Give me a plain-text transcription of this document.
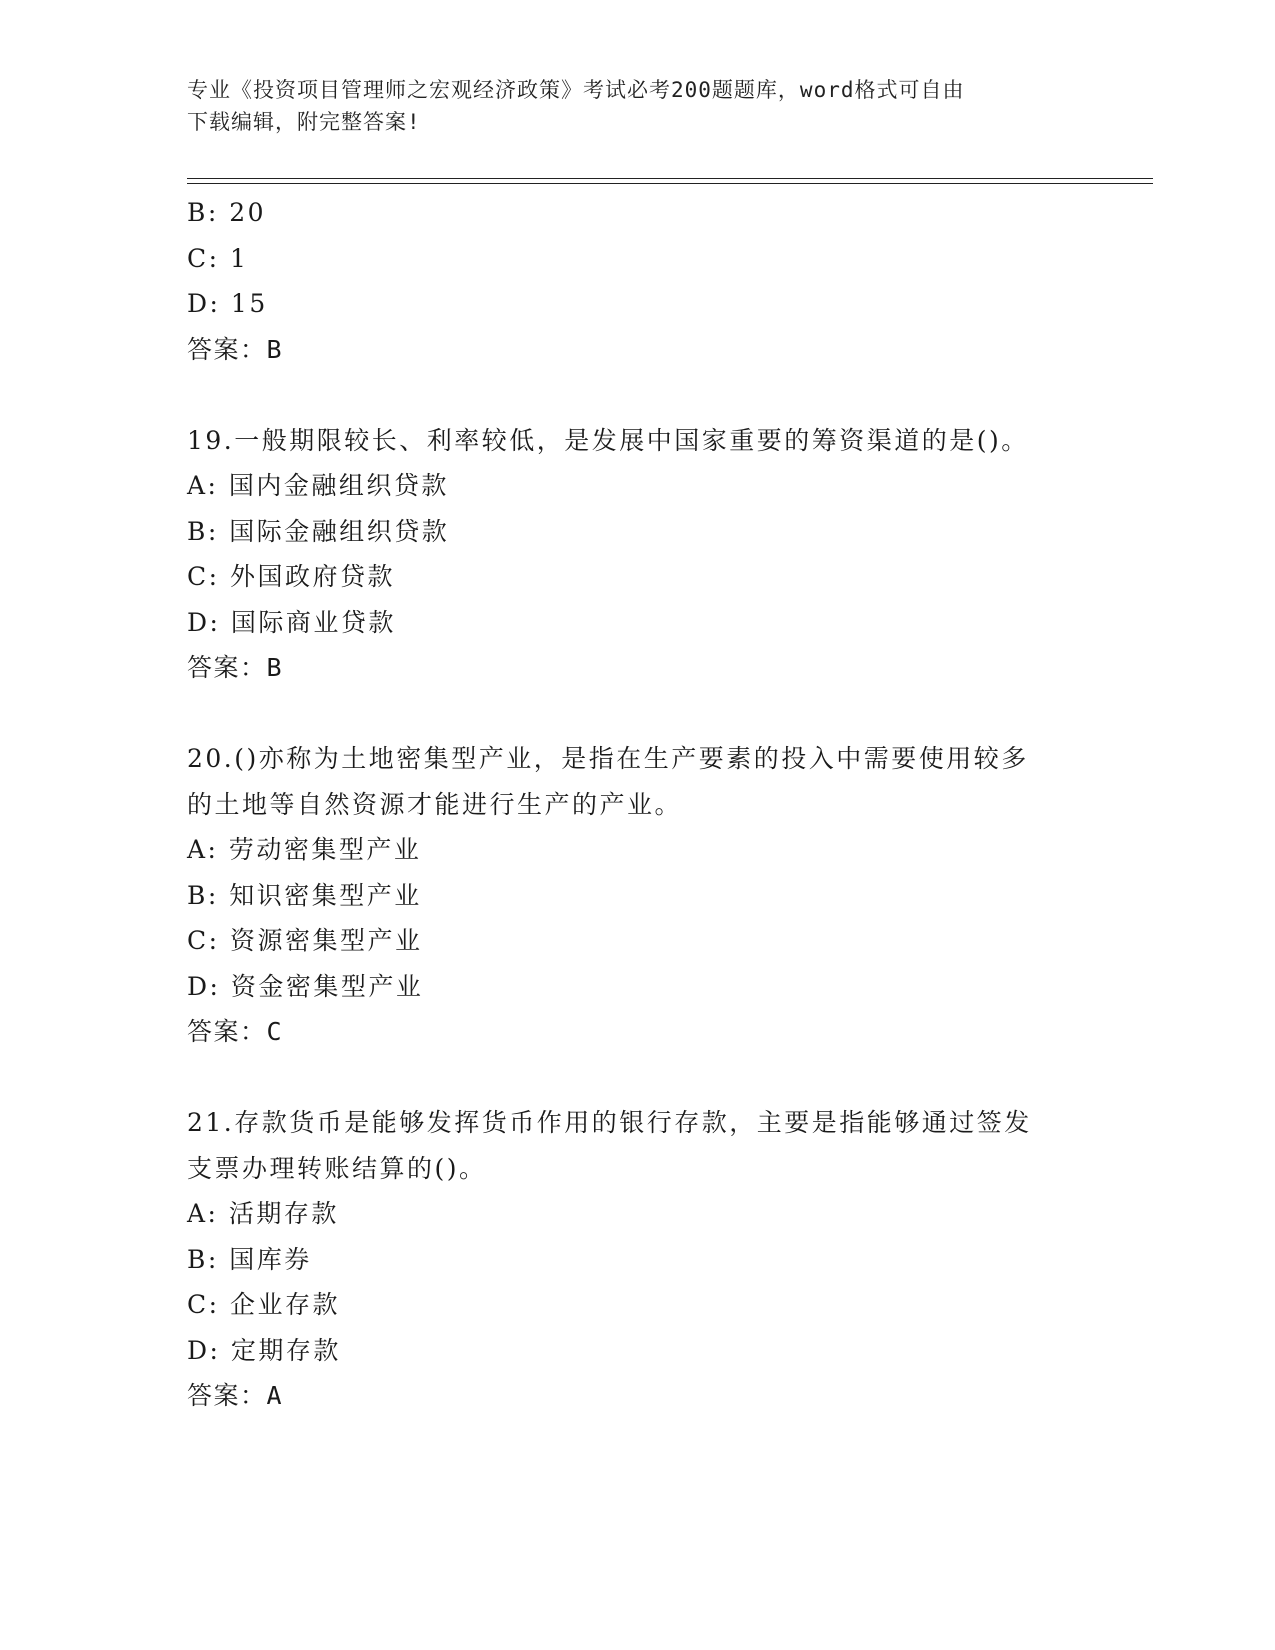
专业《投资项目管理师之宏观经济政策》考试必考200题题库，word格式可自由
下载编辑，附完整答案!
B: 20
C: 1
D: 15
答案：B
19.一般期限较长、利率较低，是发展中国家重要的筹资渠道的是()。
A: 国内金融组织贷款
B: 国际金融组织贷款
C: 外国政府贷款
D: 国际商业贷款
答案：B
20.()亦称为土地密集型产业，是指在生产要素的投入中需要使用较多
的土地等自然资源才能进行生产的产业。
A: 劳动密集型产业
B: 知识密集型产业
C: 资源密集型产业
D: 资金密集型产业
答案：C
21.存款货币是能够发挥货币作用的银行存款，主要是指能够通过签发
支票办理转账结算的()。
A: 活期存款
B: 国库券
C: 企业存款
D: 定期存款
答案：A
